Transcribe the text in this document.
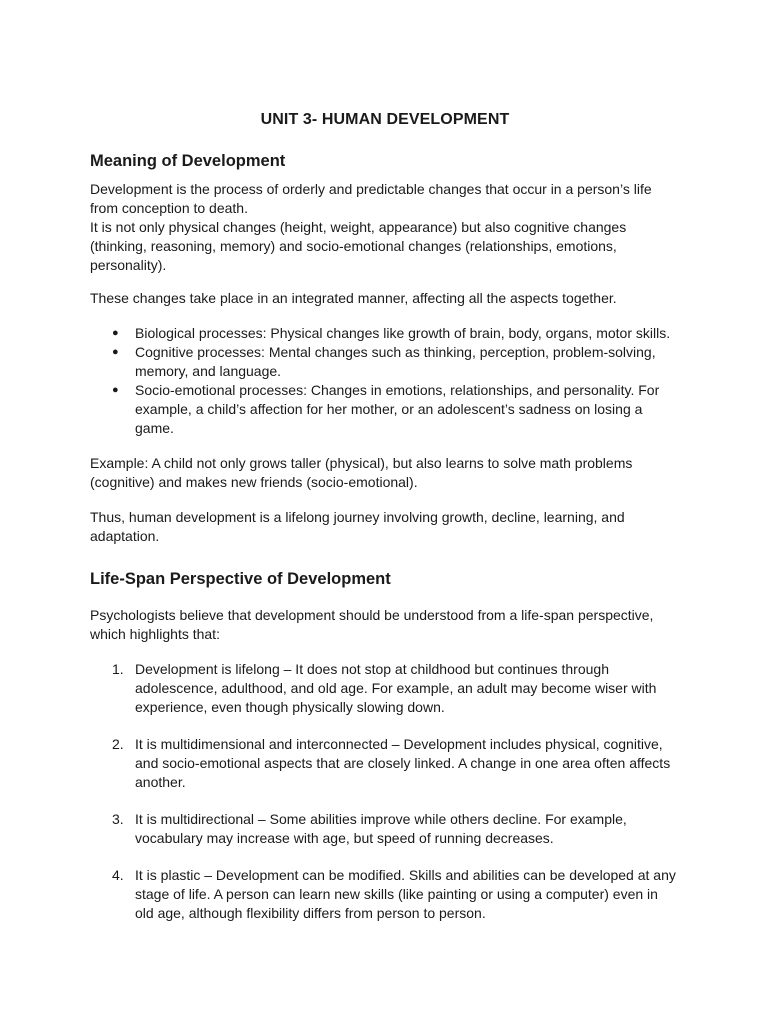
UNIT 3- HUMAN DEVELOPMENT
Meaning of Development
Development is the process of orderly and predictable changes that occur in a person’s life from conception to death.
It is not only physical changes (height, weight, appearance) but also cognitive changes (thinking, reasoning, memory) and socio-emotional changes (relationships, emotions, personality).
These changes take place in an integrated manner, affecting all the aspects together.
● Biological processes: Physical changes like growth of brain, body, organs, motor skills.
● Cognitive processes: Mental changes such as thinking, perception, problem-solving, memory, and language.
● Socio-emotional processes: Changes in emotions, relationships, and personality. For example, a child’s affection for her mother, or an adolescent’s sadness on losing a game.
Example: A child not only grows taller (physical), but also learns to solve math problems (cognitive) and makes new friends (socio-emotional).
Thus, human development is a lifelong journey involving growth, decline, learning, and adaptation.
Life-Span Perspective of Development
Psychologists believe that development should be understood from a life-span perspective, which highlights that:
1. Development is lifelong – It does not stop at childhood but continues through adolescence, adulthood, and old age. For example, an adult may become wiser with experience, even though physically slowing down.
2. It is multidimensional and interconnected – Development includes physical, cognitive, and socio-emotional aspects that are closely linked. A change in one area often affects another.
3. It is multidirectional – Some abilities improve while others decline. For example, vocabulary may increase with age, but speed of running decreases.
4. It is plastic – Development can be modified. Skills and abilities can be developed at any stage of life. A person can learn new skills (like painting or using a computer) even in old age, although flexibility differs from person to person.
